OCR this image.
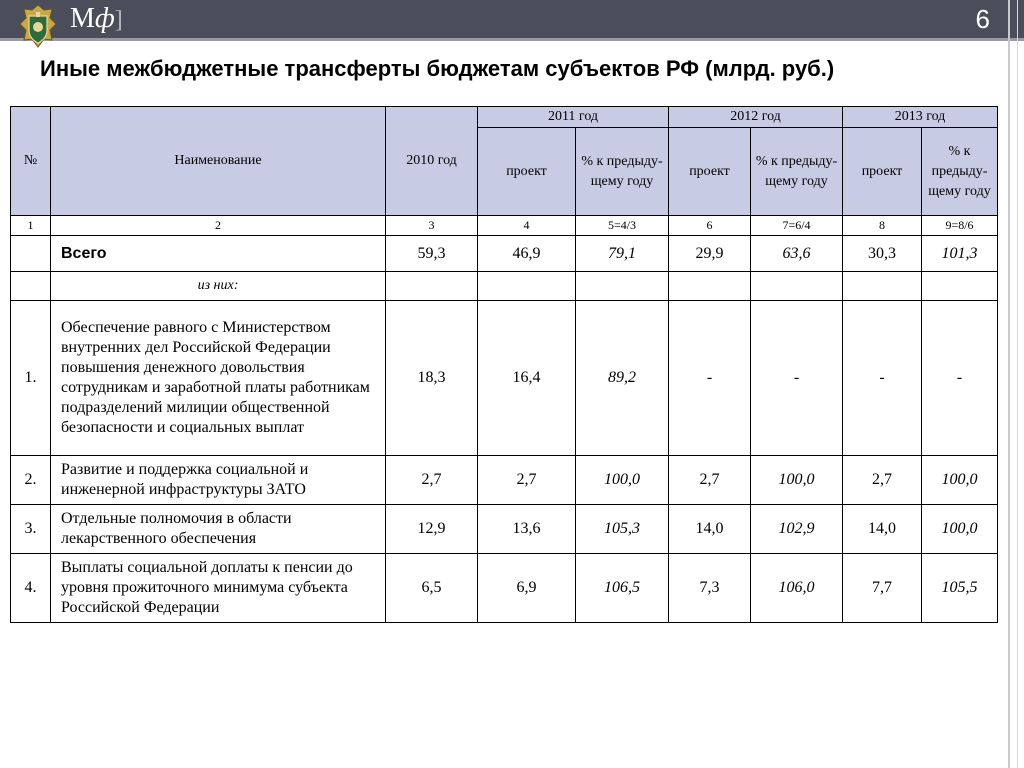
Мф]	6
Иные межбюджетные трансферты бюджетам субъектов РФ (млрд. руб.)
№	Наименование	2010 год	2011 год		2012 год		2013 год	
			проект	% к предыду-щему году	проект	% к предыду-щему году	проект	% к предыду-щему году
1	2	3	4	5=4/3	6	7=6/4	8	9=8/6
	Всего	59,3	46,9	79,1	29,9	63,6	30,3	101,3
	из них:							
1.	Обеспечение равного с Министерством внутренних дел Российской Федерации повышения денежного довольствия сотрудникам и заработной платы работникам подразделений милиции общественной безопасности и социальных выплат	18,3	16,4	89,2	-	-	-	-
2.	Развитие и поддержка социальной и инженерной инфраструктуры ЗАТО	2,7	2,7	100,0	2,7	100,0	2,7	100,0
3.	Отдельные полномочия в области лекарственного обеспечения	12,9	13,6	105,3	14,0	102,9	14,0	100,0
4.	Выплаты социальной доплаты к пенсии до уровня прожиточного минимума субъекта Российской Федерации	6,5	6,9	106,5	7,3	106,0	7,7	105,5
